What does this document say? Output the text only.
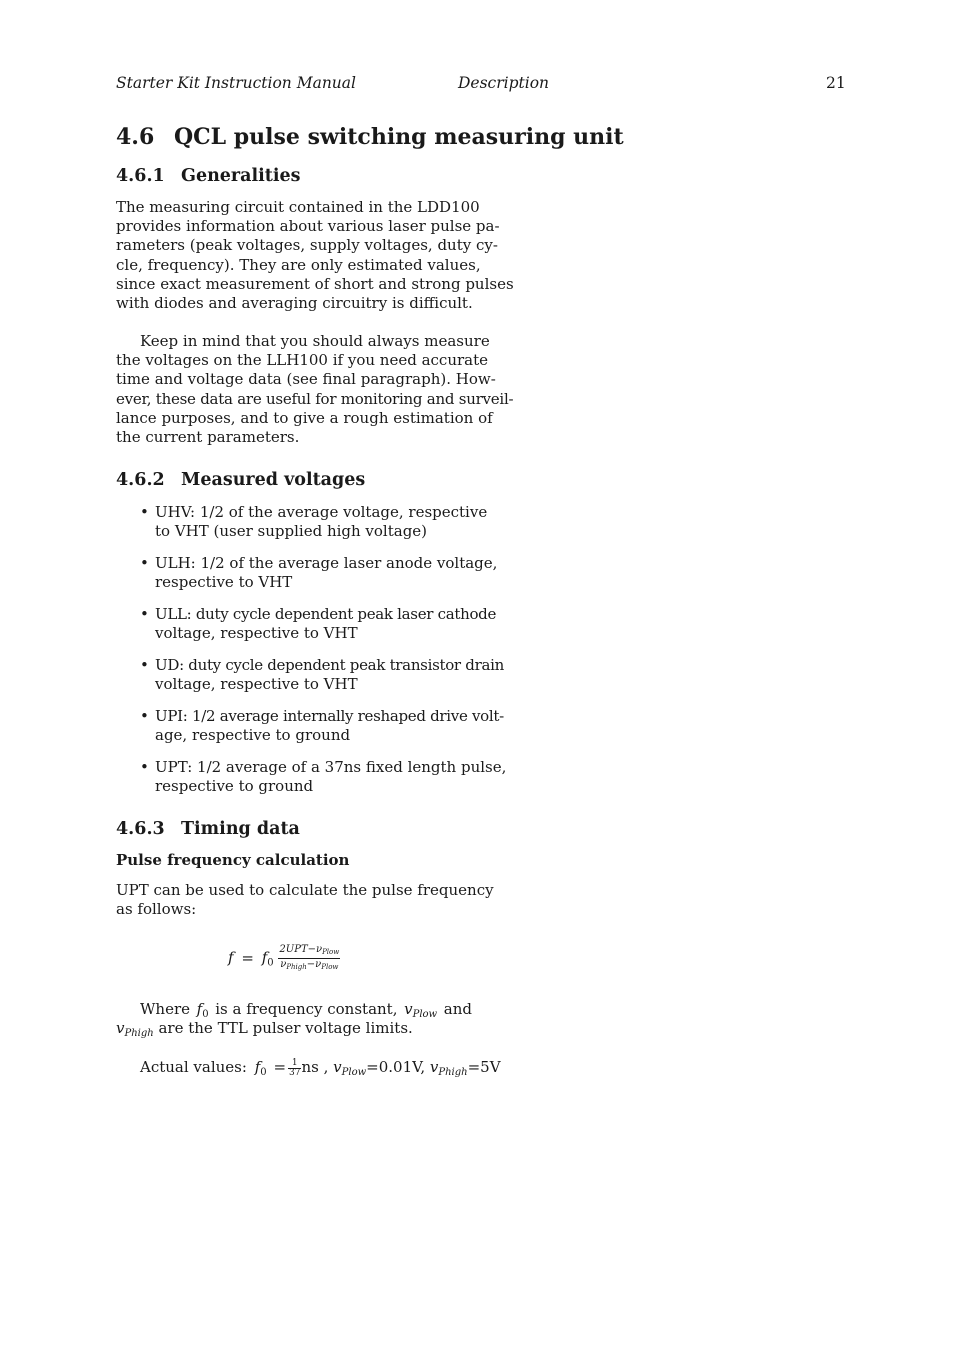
Starter Kit Instruction Manual	Description	21
4.6 QCL pulse switching measuring unit
4.6.1 Generalities
The measuring circuit contained in the LDD100
provides information about various laser pulse pa-
rameters (peak voltages, supply voltages, duty cy-
cle, frequency). They are only estimated values,
since exact measurement of short and strong pulses
with diodes and averaging circuitry is difficult.
Keep in mind that you should always measure
the voltages on the LLH100 if you need accurate
time and voltage data (see final paragraph). How-
ever, these data are useful for monitoring and surveil-
lance purposes, and to give a rough estimation of
the current parameters.
4.6.2 Measured voltages
• UHV: 1/2 of the average voltage, respective
to VHT (user supplied high voltage)
• ULH: 1/2 of the average laser anode voltage,
respective to VHT
• ULL: duty cycle dependent peak laser cathode
voltage, respective to VHT
• UD: duty cycle dependent peak transistor drain
voltage, respective to VHT
• UPI: 1/2 average internally reshaped drive volt-
age, respective to ground
• UPT: 1/2 average of a 37ns fixed length pulse,
respective to ground
4.6.3 Timing data
Pulse frequency calculation
UPT can be used to calculate the pulse frequency
as follows:
$f = f_0 \frac{2UPT-\nu_{Plow}}{\nu_{Phigh}-\nu_{Plow}}$
Where $f_0$ is a frequency constant, $v_{Plow}$ and
$v_{Phigh}$ are the TTL pulser voltage limits.
Actual values: $f_0 = \frac{1}{37}$ ns , $v_{Plow}=0.01V$, $v_{Phigh}=5V$
